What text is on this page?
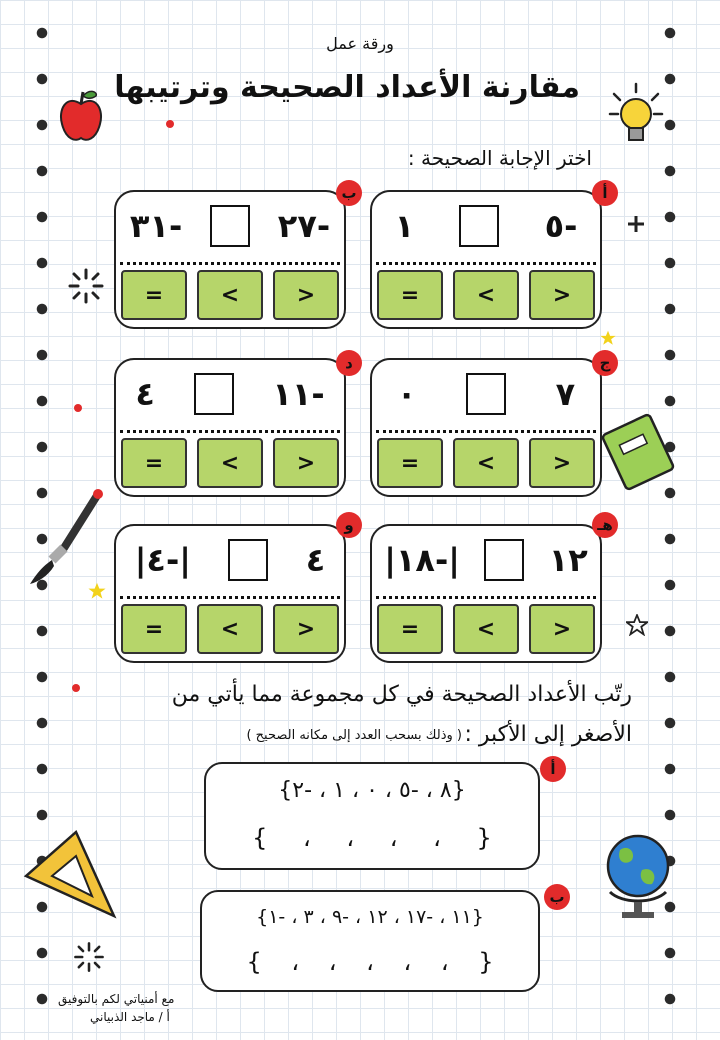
ورقة عمل
مقارنة الأعداد الصحيحة وترتيبها
اختر الإجابة الصحيحة :
-٥
١
<
>
=
-٢٧
-٣١
<
>
=
٧
٠
<
>
=
-١١
٤
<
>
=
١٢
|-١٨|
<
>
=
٤
|-٤|
<
>
=
أ
ب
ج
د
هـ
و
رتّب الأعداد الصحيحة في كل مجموعة مما يأتي من
الأصغر إلى الأكبر :
( وذلك بسحب العدد إلى مكانه الصحيح )
{٨ ، -٥ ، ٠ ، ١ ، -٢}
{ ، ، ، ، }
أ
{١١ ، -١٧ ، ١٢ ، -٩ ، ٣ ، -١}
{ ، ، ، ، ، }
ب
مع أمنياتي لكم بالتوفيق
أ / ماجد الذبياني
